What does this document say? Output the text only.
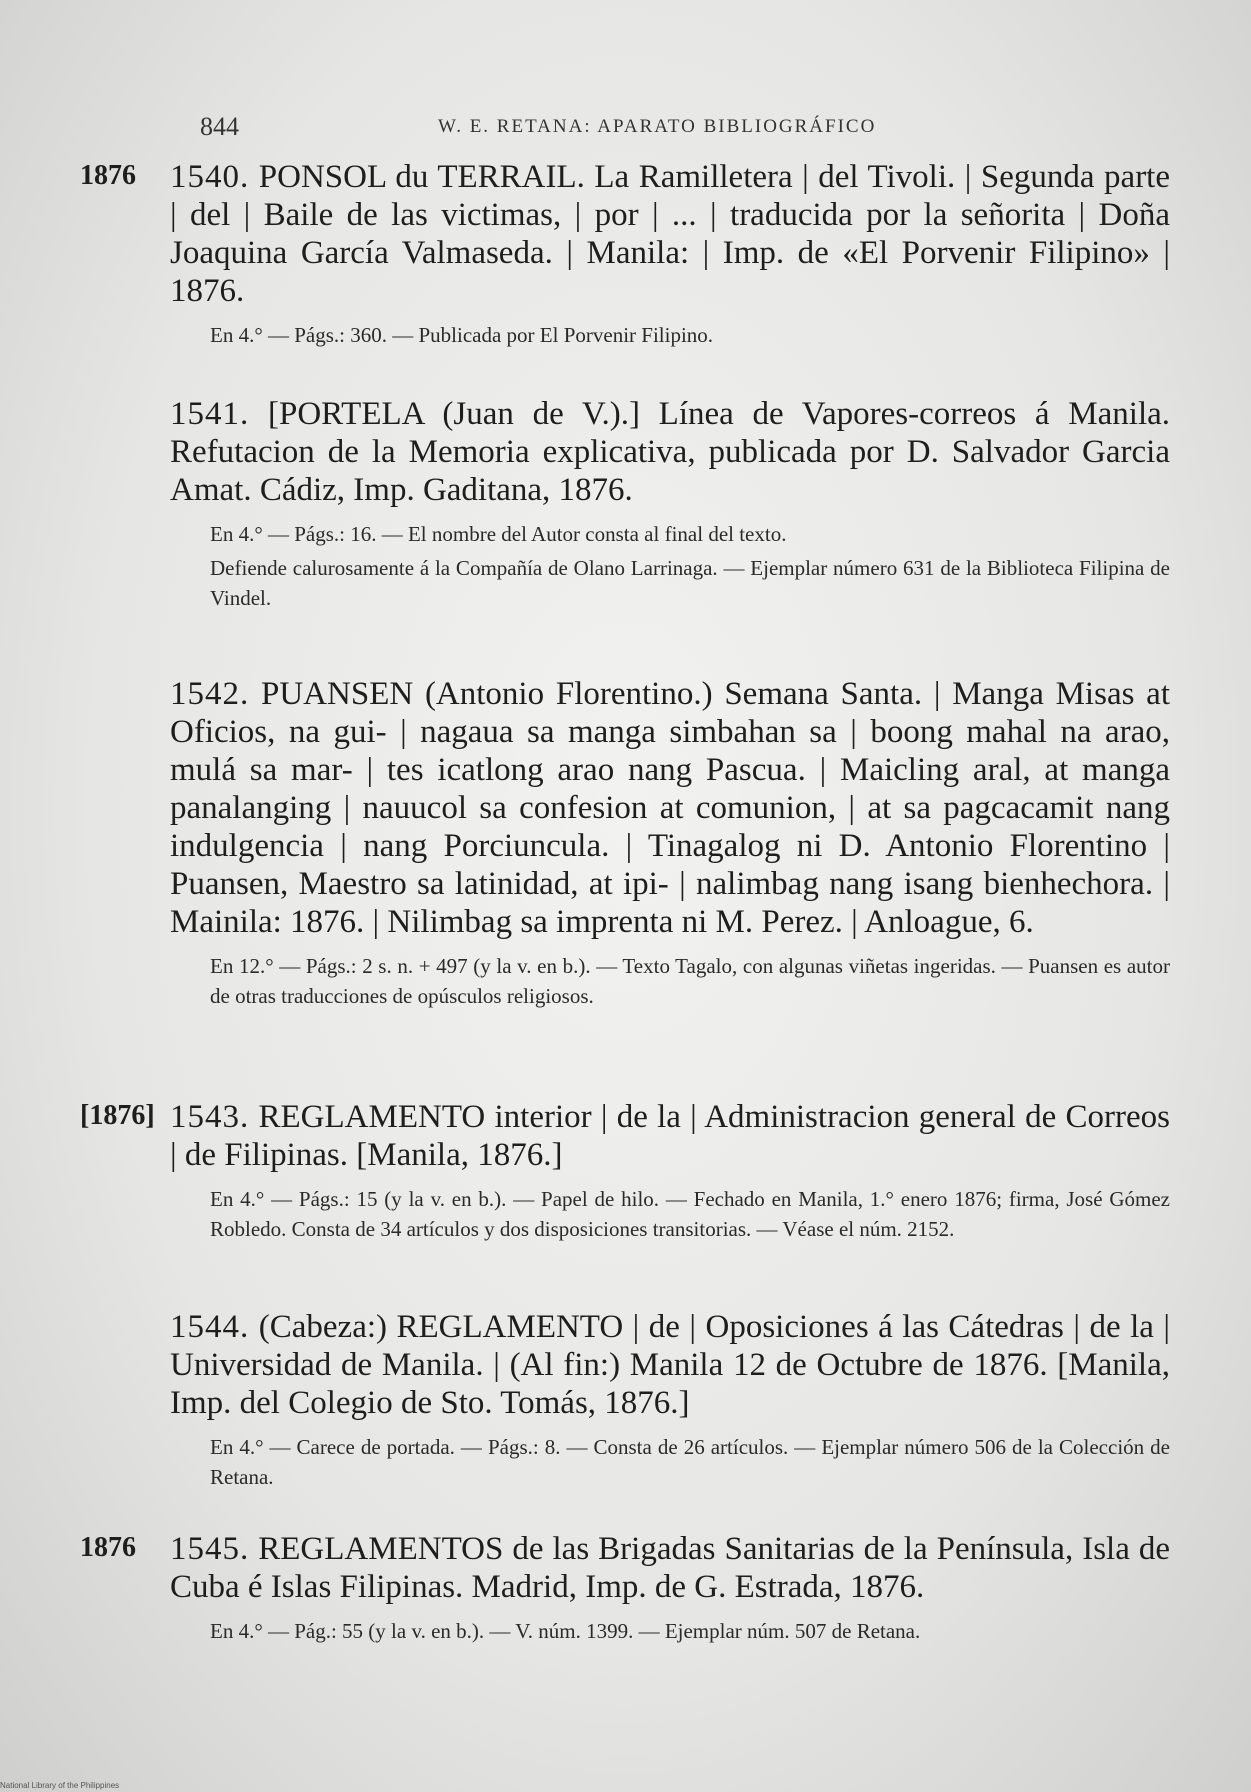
844	W. E. RETANA: APARATO BIBLIOGRÁFICO
1876 1540. PONSOL du TERRAIL. La Ramilletera | del Tivoli. | Segunda parte | del | Baile de las victimas, | por | ... | traducida por la señorita | Doña Joaquina García Valmaseda. | Manila: | Imp. de «El Porvenir Filipino» | 1876.

En 4.° — Págs.: 360. — Publicada por El Porvenir Filipino.

1541. [PORTELA (Juan de V.).] Línea de Vapores-correos á Manila. Refutacion de la Memoria explicativa, publicada por D. Salvador Garcia Amat. Cádiz, Imp. Gaditana, 1876.

En 4.° — Págs.: 16. — El nombre del Autor consta al final del texto.

Defiende calurosamente á la Compañía de Olano Larrinaga. — Ejemplar número 631 de la Biblioteca Filipina de Vindel.

1542. PUANSEN (Antonio Florentino.) Semana Santa. | Manga Misas at Oficios, na gui- | nagaua sa manga simbahan sa | boong mahal na arao, mulá sa mar- | tes icatlong arao nang Pascua. | Maicling aral, at manga panalanging | nauucol sa confesion at comunion, | at sa pagcacamit nang indulgencia | nang Porciuncula. | Tinagalog ni D. Antonio Florentino | Puansen, Maestro sa latinidad, at ipi- | nalimbag nang isang bienhechora. | Mainila: 1876. | Nilimbag sa imprenta ni M. Perez. | Anloague, 6.

En 12.° — Págs.: 2 s. n. + 497 (y la v. en b.). — Texto Tagalo, con algunas viñetas ingeridas. — Puansen es autor de otras traducciones de opúsculos religiosos.

[1876] 1543. REGLAMENTO interior | de la | Administracion general de Correos | de Filipinas. [Manila, 1876.]

En 4.° — Págs.: 15 (y la v. en b.). — Papel de hilo. — Fechado en Manila, 1.° enero 1876; firma, José Gómez Robledo. Consta de 34 artículos y dos disposiciones transitorias. — Véase el núm. 2152.

1544. (Cabeza:) REGLAMENTO | de | Oposiciones á las Cátedras | de la | Universidad de Manila. | (Al fin:) Manila 12 de Octubre de 1876. [Manila, Imp. del Colegio de Sto. Tomás, 1876.]

En 4.° — Carece de portada. — Págs.: 8. — Consta de 26 artículos. — Ejemplar número 506 de la Colección de Retana.

1876 1545. REGLAMENTOS de las Brigadas Sanitarias de la Península, Isla de Cuba é Islas Filipinas. Madrid, Imp. de G. Estrada, 1876.

En 4.° — Pág.: 55 (y la v. en b.). — V. núm. 1399. — Ejemplar núm. 507 de Retana.

National Library of the Philippines
